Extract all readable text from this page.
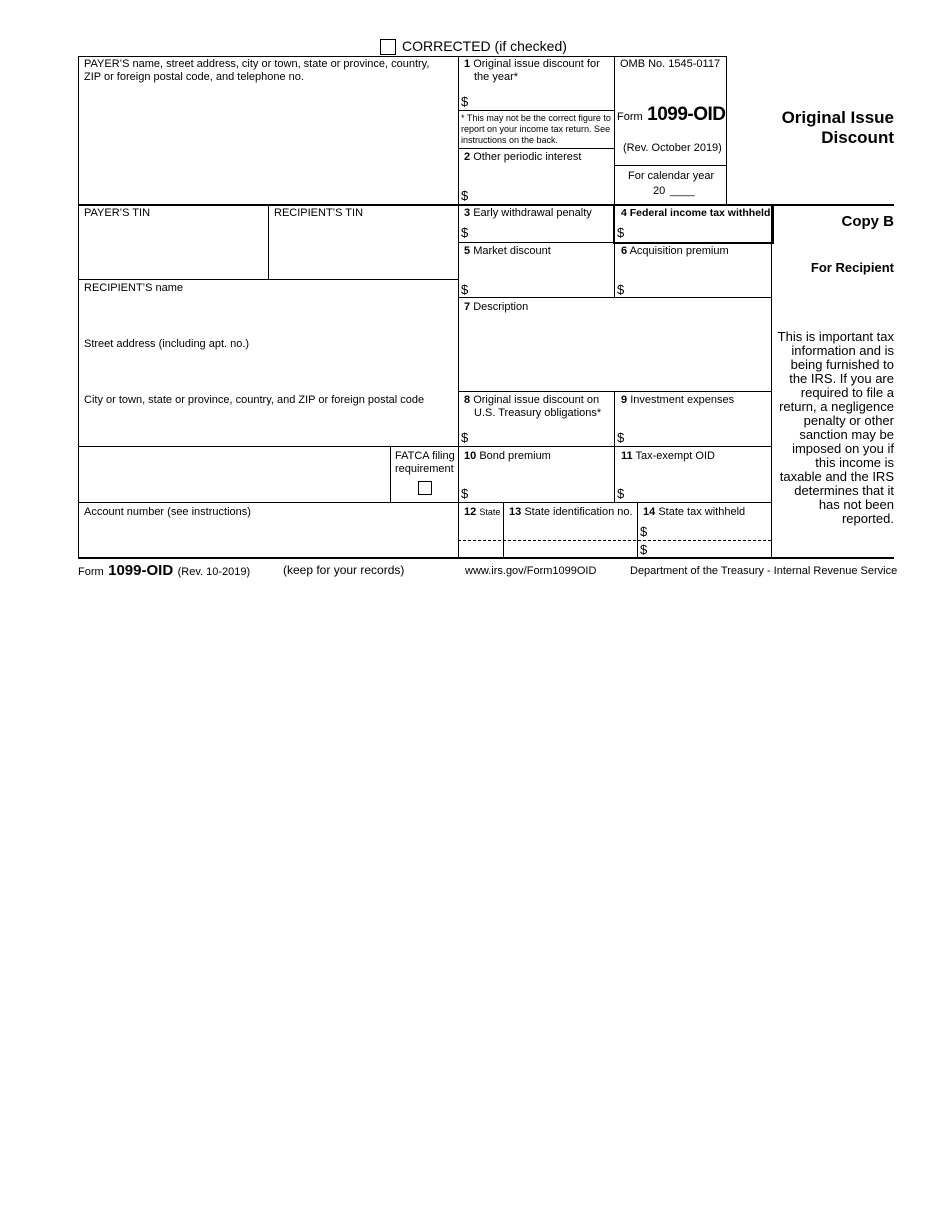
CORRECTED (if checked)
PAYER’S name, street address, city or town, state or province, country, ZIP or foreign postal code, and telephone no.
PAYER’S TIN	RECIPIENT’S TIN
RECIPIENT’S name
Street address (including apt. no.)
City or town, state or province, country, and ZIP or foreign postal code
FATCA filing
requirement
Account number (see instructions)
1 Original issue discount for
the year*
$
* This may not be the correct figure to report on your income tax return. See instructions on the back.
2 Other periodic interest
$
OMB No. 1545-0117
Form 1099-OID
(Rev. October 2019)
For calendar year
20 ____
Original Issue
Discount
3 Early withdrawal penalty
$
4 Federal income tax withheld
$
Copy B
For Recipient
5 Market discount
$
6 Acquisition premium
$
7 Description
This is important tax information and is being furnished to the IRS. If you are required to file a return, a negligence penalty or other sanction may be imposed on you if this income is taxable and the IRS determines that it has not been reported.
8 Original issue discount on
U.S. Treasury obligations*
$
9 Investment expenses
$
10 Bond premium
$
11 Tax-exempt OID
$
12 State 13 State identification no. 14 State tax withheld
$
$
Form 1099-OID (Rev. 10-2019)	(keep for your records)	www.irs.gov/Form1099OID	Department of the Treasury - Internal Revenue Service
